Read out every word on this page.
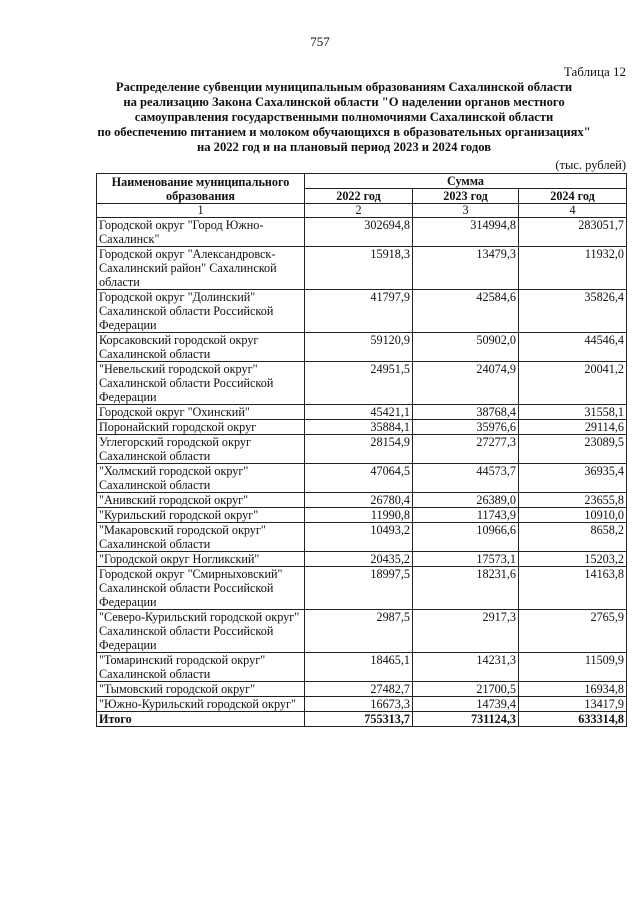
757
Таблица 12
Распределение субвенции муниципальным образованиям Сахалинской области
на реализацию Закона Сахалинской области "О наделении органов местного
самоуправления государственными полномочиями Сахалинской области
по обеспечению питанием и молоком обучающихся в образовательных организациях"
на 2022 год и на плановый период 2023 и 2024 годов
(тыс. рублей)
Наименование муниципального образования	Сумма		
	2022 год	2023 год	2024 год
1	2	3	4
Городской округ "Город Южно-Сахалинск"	302694,8	314994,8	283051,7
Городской округ "Александровск-Сахалинский район" Сахалинской области	15918,3	13479,3	11932,0
Городской округ "Долинский" Сахалинской области Российской Федерации	41797,9	42584,6	35826,4
Корсаковский городской округ Сахалинской области	59120,9	50902,0	44546,4
"Невельский городской округ" Сахалинской области Российской Федерации	24951,5	24074,9	20041,2
Городской округ "Охинский"	45421,1	38768,4	31558,1
Поронайский городской округ	35884,1	35976,6	29114,6
Углегорский городской округ Сахалинской области	28154,9	27277,3	23089,5
"Холмский городской округ" Сахалинской области	47064,5	44573,7	36935,4
"Анивский городской округ"	26780,4	26389,0	23655,8
"Курильский городской округ"	11990,8	11743,9	10910,0
"Макаровский городской округ" Сахалинской области	10493,2	10966,6	8658,2
"Городской округ Ногликский"	20435,2	17573,1	15203,2
Городской округ "Смирныховский" Сахалинской области Российской Федерации	18997,5	18231,6	14163,8
"Северо-Курильский городской округ" Сахалинской области Российской Федерации	2987,5	2917,3	2765,9
"Томаринский городской округ" Сахалинской области	18465,1	14231,3	11509,9
"Тымовский городской округ"	27482,7	21700,5	16934,8
"Южно-Курильский городской округ"	16673,3	14739,4	13417,9
Итого	755313,7	731124,3	633314,8
